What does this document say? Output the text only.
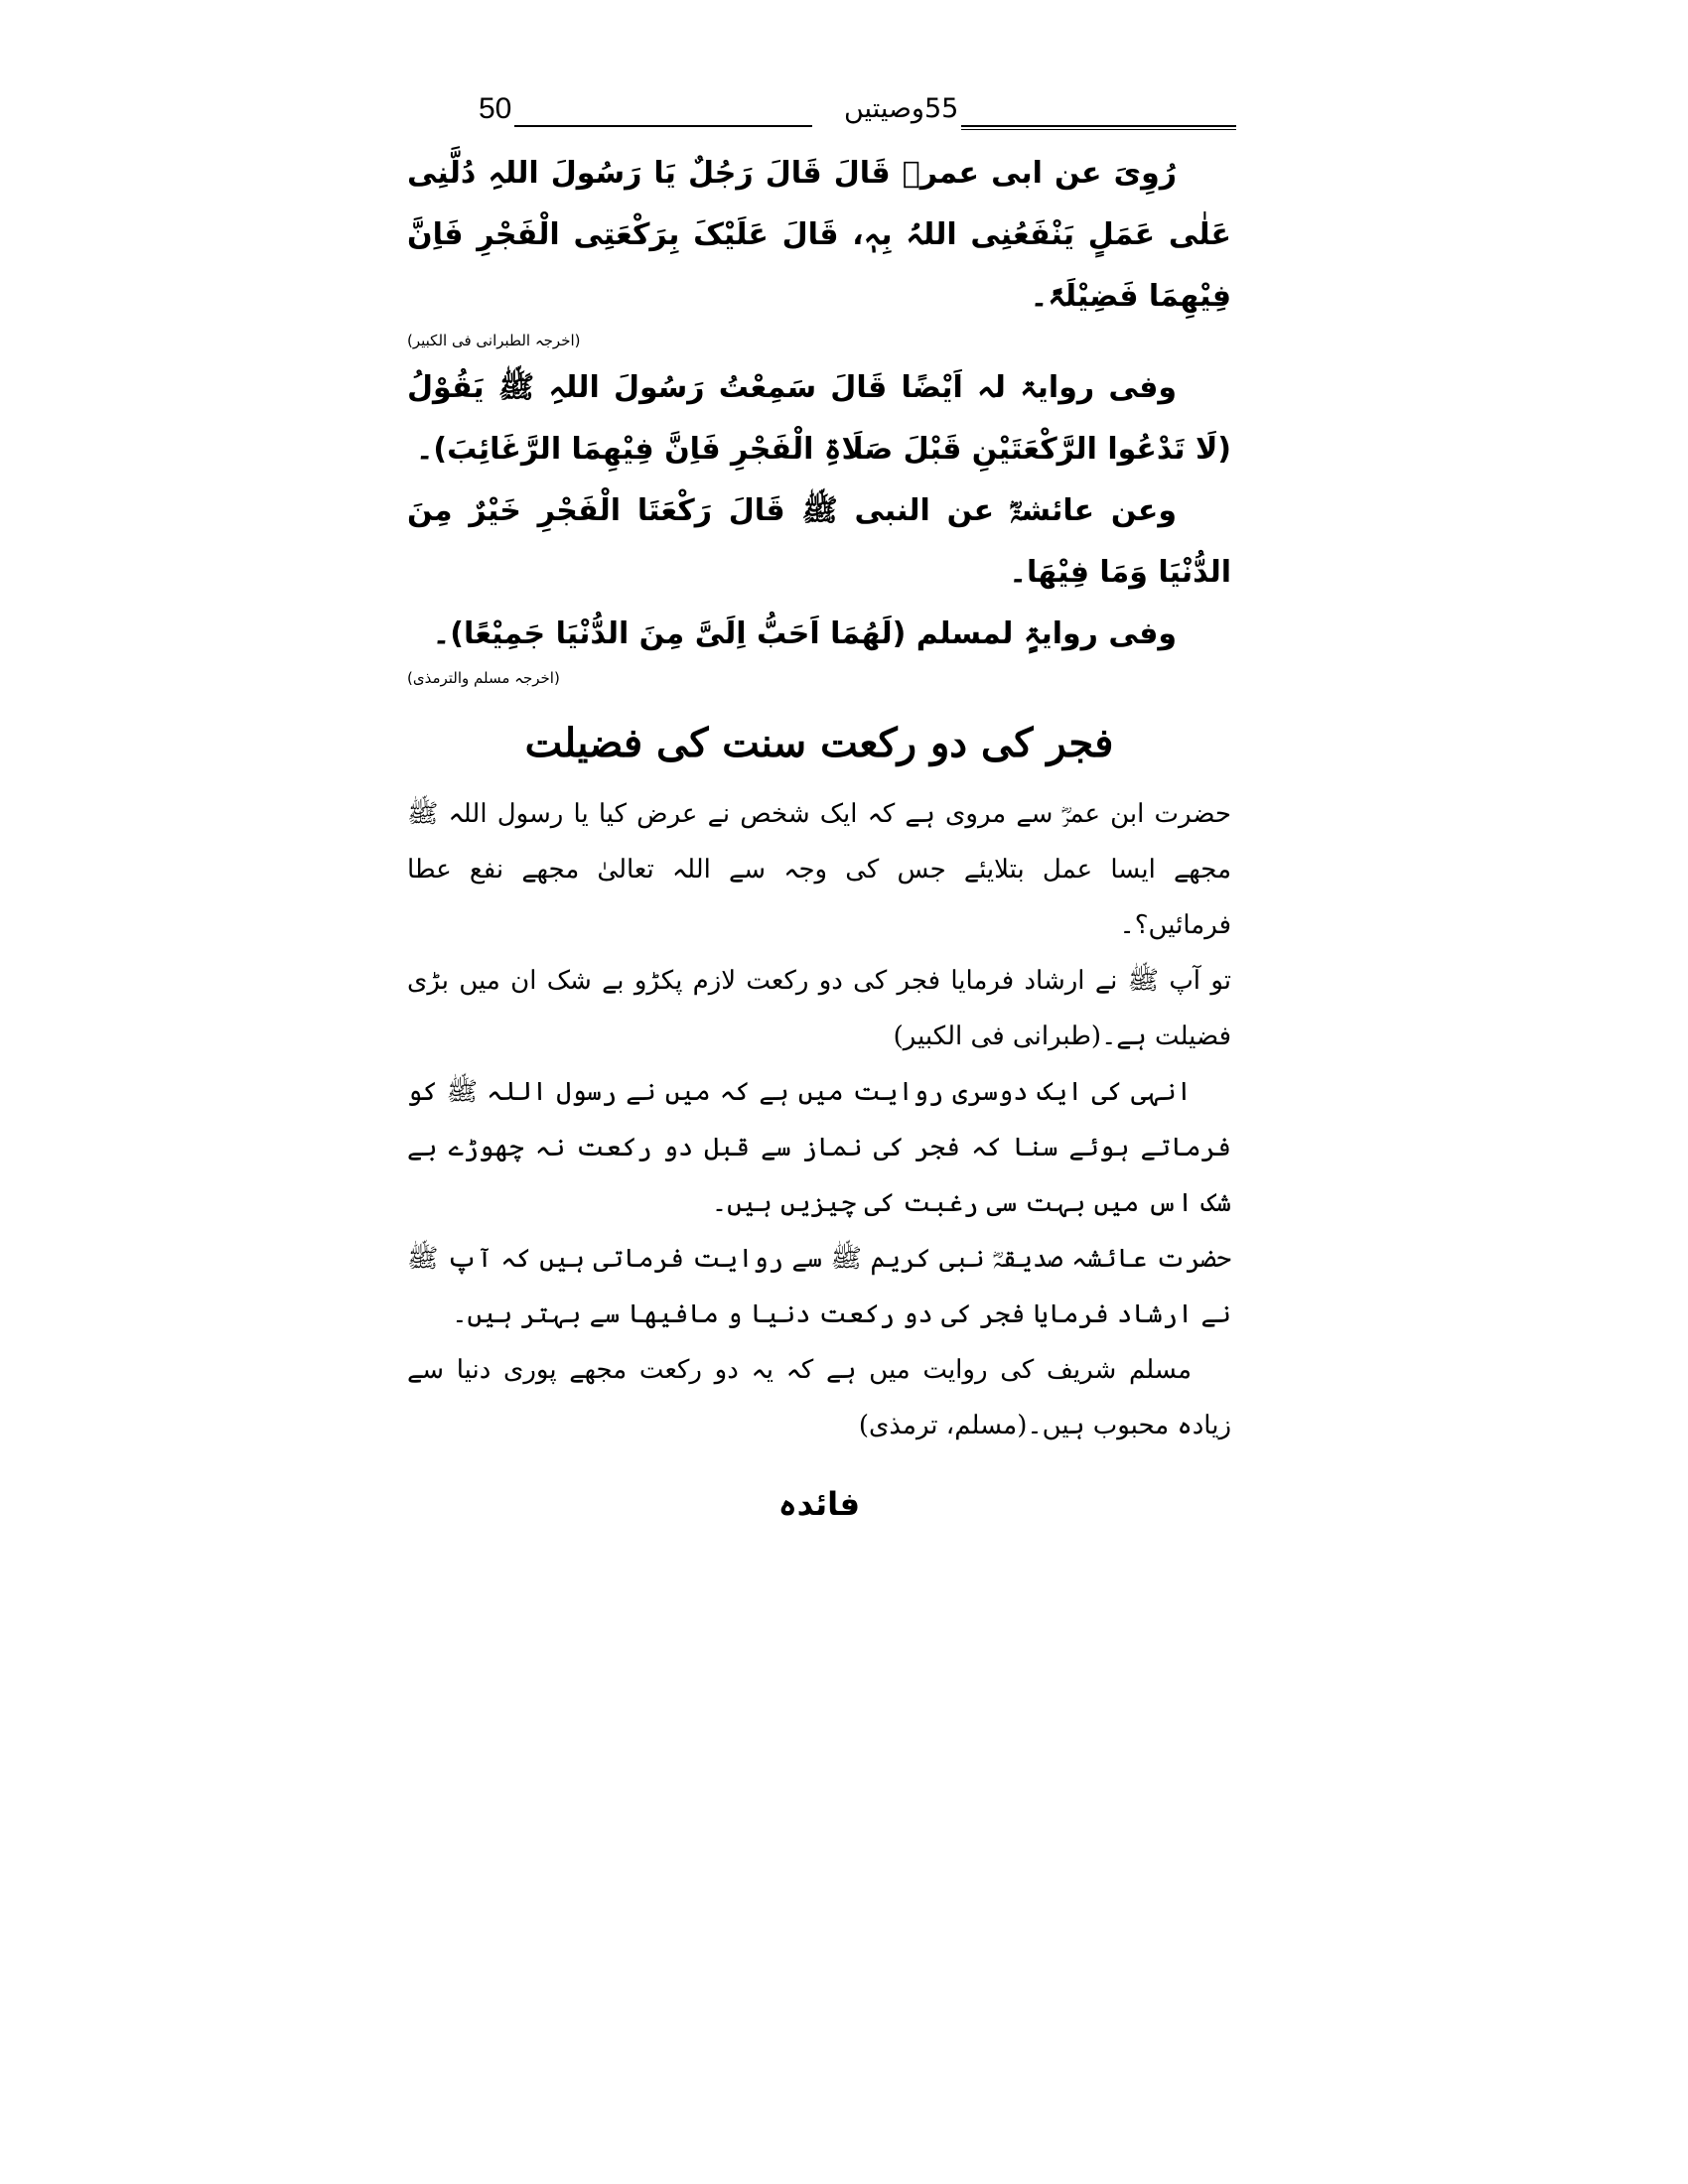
50	55وصیتیں

رُوِیَ عن ابی عمرؓ قَالَ قَالَ رَجُلٌ یَا رَسُولَ اللہِ دُلَّنِی عَلٰی عَمَلٍ یَنْفَعُنِی اللہُ بِہٖ، قَالَ عَلَیْکَ بِرَکْعَتِی الْفَجْرِ فَاِنَّ فِیْھِمَا فَضِیْلَۃً۔

(اخرجہ الطبرانی فی الکبیر)

وفی روایۃ لہ اَیْضًا قَالَ سَمِعْتُ رَسُولَ اللہِ ﷺ یَقُوْلُ (لَا تَدْعُوا الرَّکْعَتَیْنِ قَبْلَ صَلَاۃِ الْفَجْرِ فَاِنَّ فِیْھِمَا الرَّغَائِبَ)۔

وعن عائشۃؓ عن النبی ﷺ قَالَ رَکْعَتَا الْفَجْرِ خَیْرٌ مِنَ الدُّنْیَا وَمَا فِیْھَا۔

وفی روایۃٍ لمسلم (لَھُمَا اَحَبُّ اِلَیَّ مِنَ الدُّنْیَا جَمِیْعًا)۔

(اخرجہ مسلم والترمذی)

فجر کی دو رکعت سنت کی فضیلت

حضرت ابن عمرؓ سے مروی ہے کہ ایک شخص نے عرض کیا یا رسول اللہ ﷺ مجھے ایسا عمل بتلایئے جس کی وجہ سے اللہ تعالیٰ مجھے نفع عطا فرمائیں؟۔

تو آپ ﷺ نے ارشاد فرمایا فجر کی دو رکعت لازم پکڑو بے شک ان میں بڑی فضیلت ہے۔(طبرانی فی الکبیر)

انہی کی ایک دوسری روایت میں ہے کہ میں نے رسول اللہ ﷺ کو فرماتے ہوئے سنا کہ فجر کی نماز سے قبل دو رکعت نہ چھوڑے بے شک اس میں بہت سی رغبت کی چیزیں ہیں۔

حضرت عائشہ صدیقہؓ نبی کریم ﷺ سے روایت فرماتی ہیں کہ آپ ﷺ نے ارشاد فرمایا فجر کی دو رکعت دنیا و مافیھا سے بہتر ہیں۔

مسلم شریف کی روایت میں ہے کہ یہ دو رکعت مجھے پوری دنیا سے زیادہ محبوب ہیں۔(مسلم، ترمذی)

فائدہ
